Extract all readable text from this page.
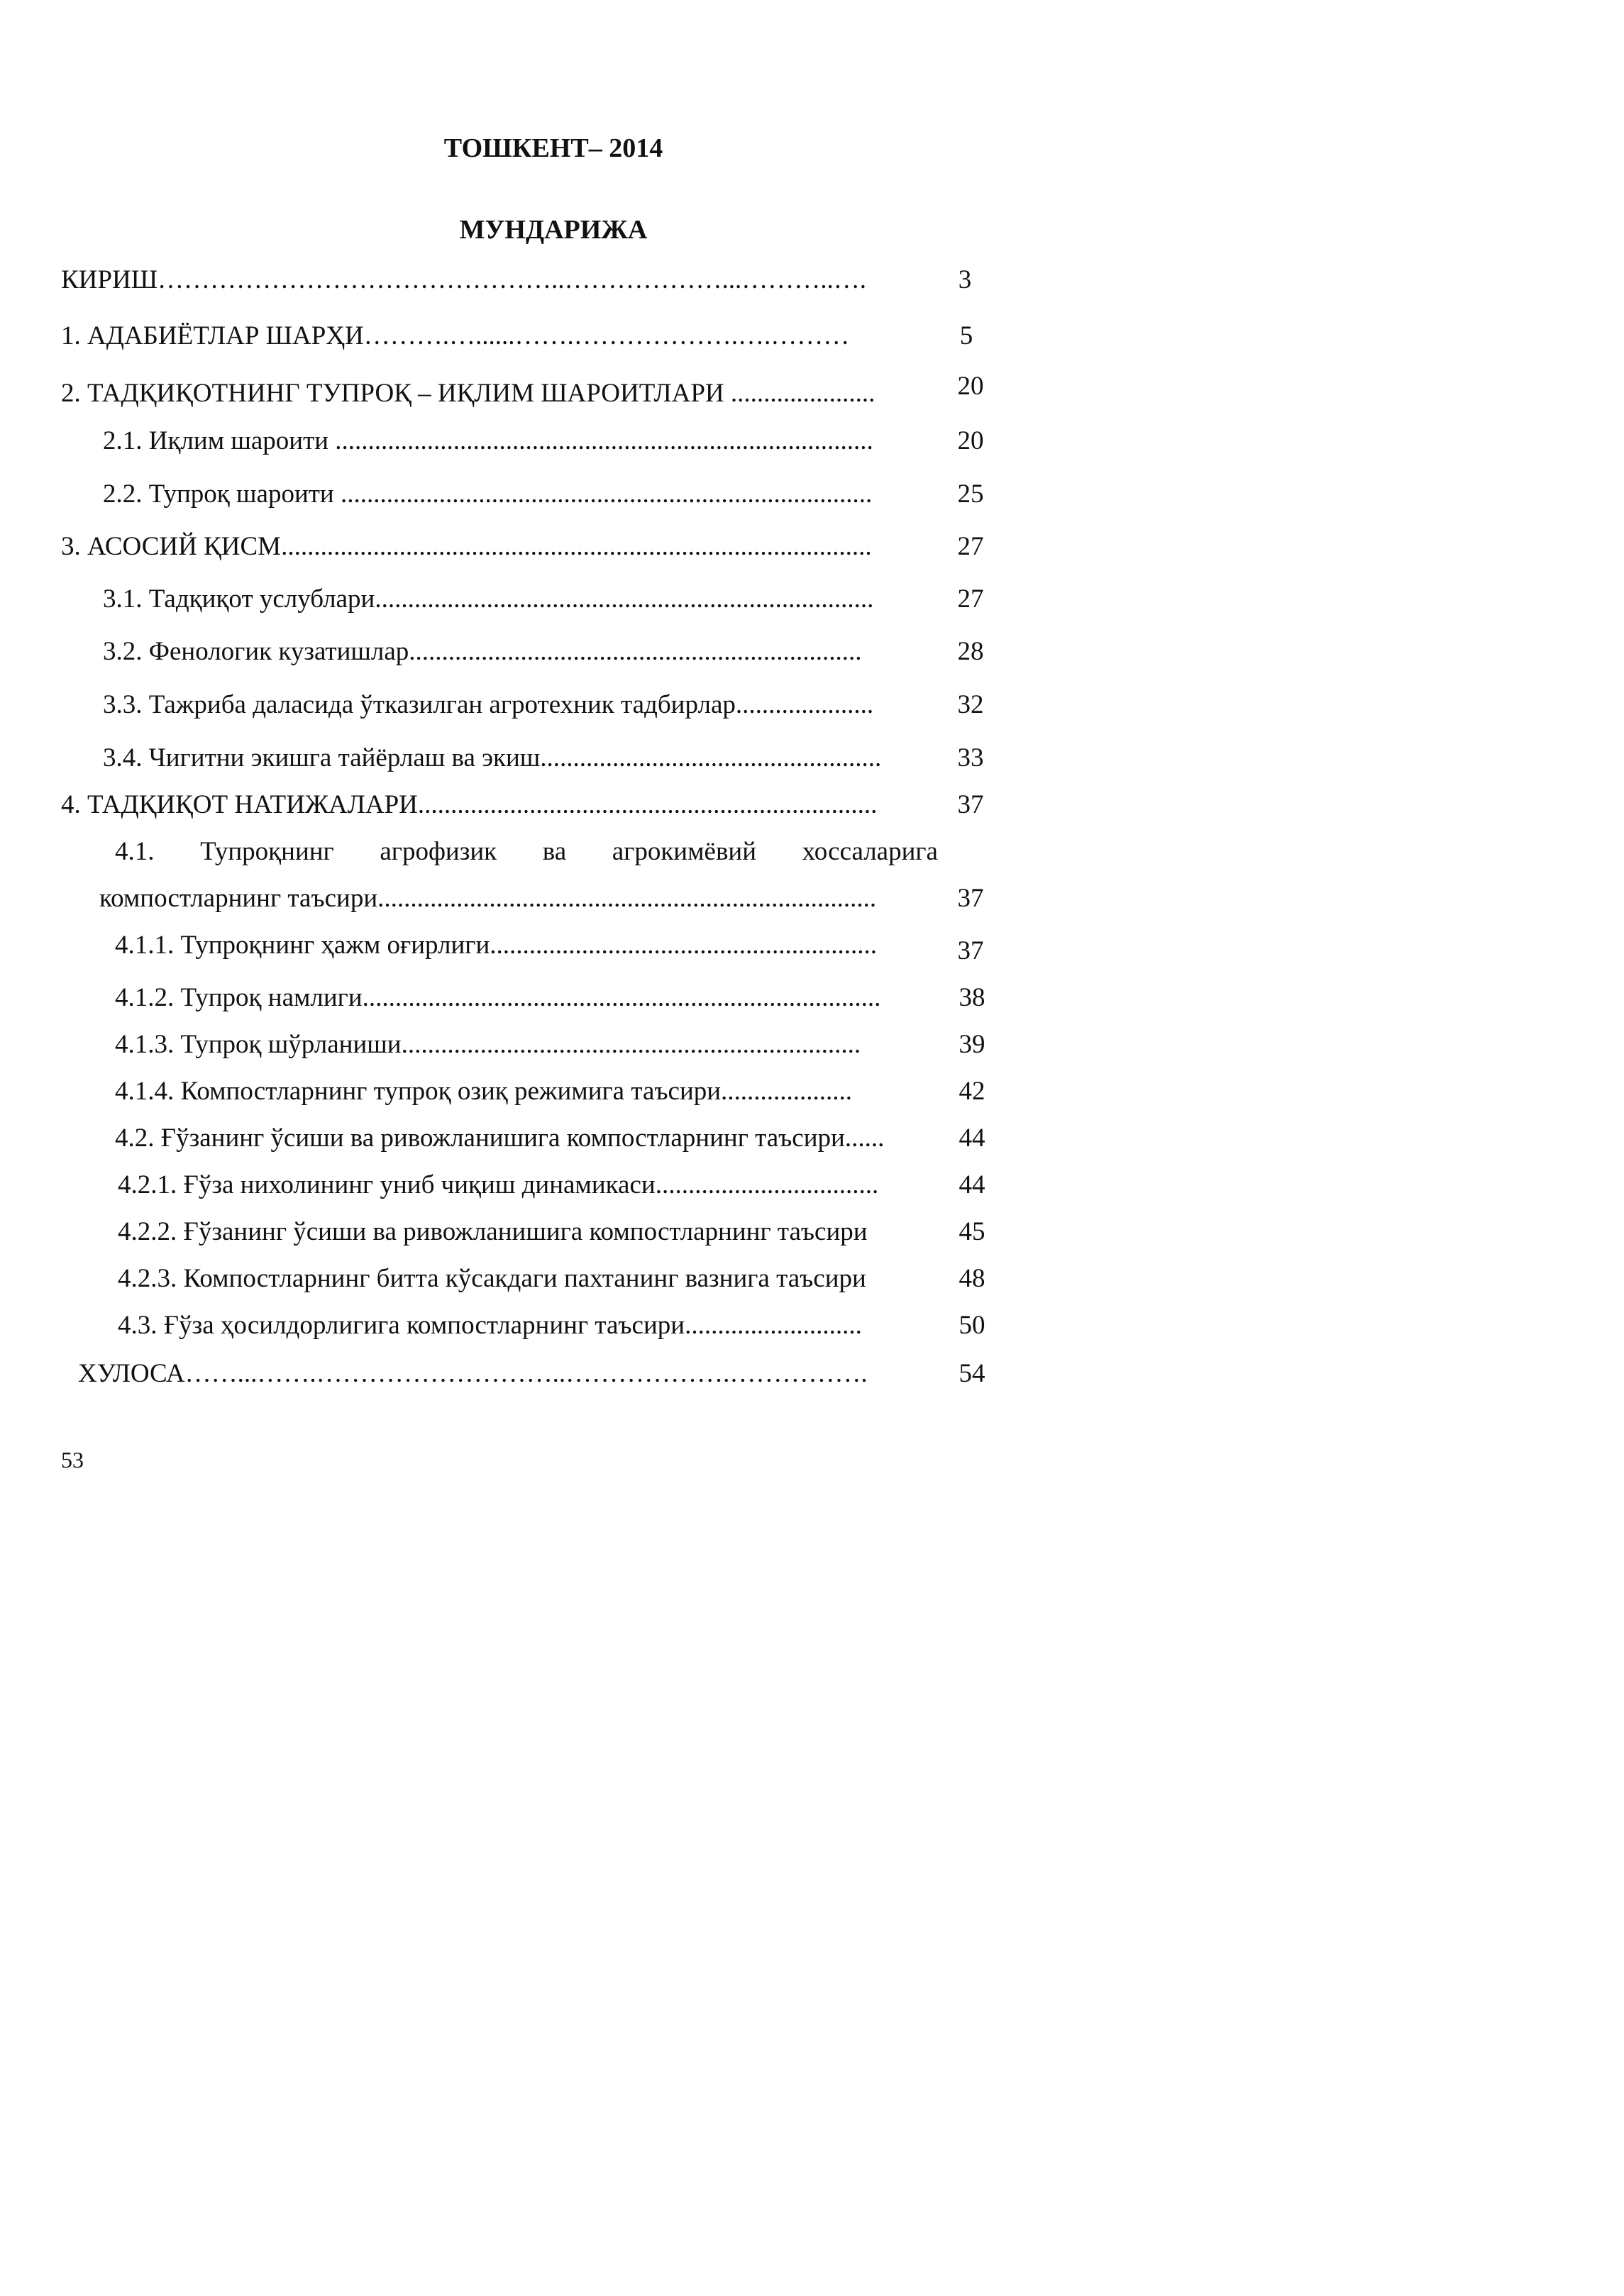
ТОШКЕНТ– 2014
МУНДАРИЖА
КИРИШ………………………………………..………………...………..….	3
1. АДАБИЁТЛАР ШАРҲИ……….…......…….……………….….………	5
2. ТАДҚИҚОТНИНГ ТУПРОҚ – ИҚЛИМ ШАРОИТЛАРИ ......................	20
2.1. Иқлим шароити ..................................................................................	20
2.2. Тупроқ шароити .................................................................................	25
3. АСОСИЙ ҚИСМ..........................................................................................	27
3.1. Тадқиқот услублари............................................................................	27
3.2. Фенологик кузатишлар.....................................................................	28
3.3. Тажриба даласида ўтказилган агротехник тадбирлар.....................	32
3.4. Чигитни экишга тайёрлаш ва экиш....................................................	33
4. ТАДҚИҚОТ НАТИЖАЛАРИ......................................................................	37
4.1. Тупроқнинг агрофизик ва агрокимёвий хоссаларига
компостларнинг таъсири............................................................................	37
4.1.1. Тупроқнинг ҳажм оғирлиги...........................................................	37
4.1.2. Тупроқ намлиги...............................................................................	38
4.1.3. Тупроқ шўрланиши......................................................................	39
4.1.4. Компостларнинг тупроқ озиқ режимига таъсири....................	42
4.2. Ғўзанинг ўсиши ва ривожланишига компостларнинг таъсири......	44
4.2.1. Ғўза нихолининг униб чиқиш динамикаси..................................	44
4.2.2. Ғўзанинг ўсиши ва ривожланишига компостларнинг таъсири	45
4.2.3. Компостларнинг битта кўсакдаги пахтанинг вазнига таъсири	48
4.3. Ғўза ҳосилдорлигига компостларнинг таъсири...........................	50
ХУЛОСА……...…….………………………..……………….…………….	54
53
